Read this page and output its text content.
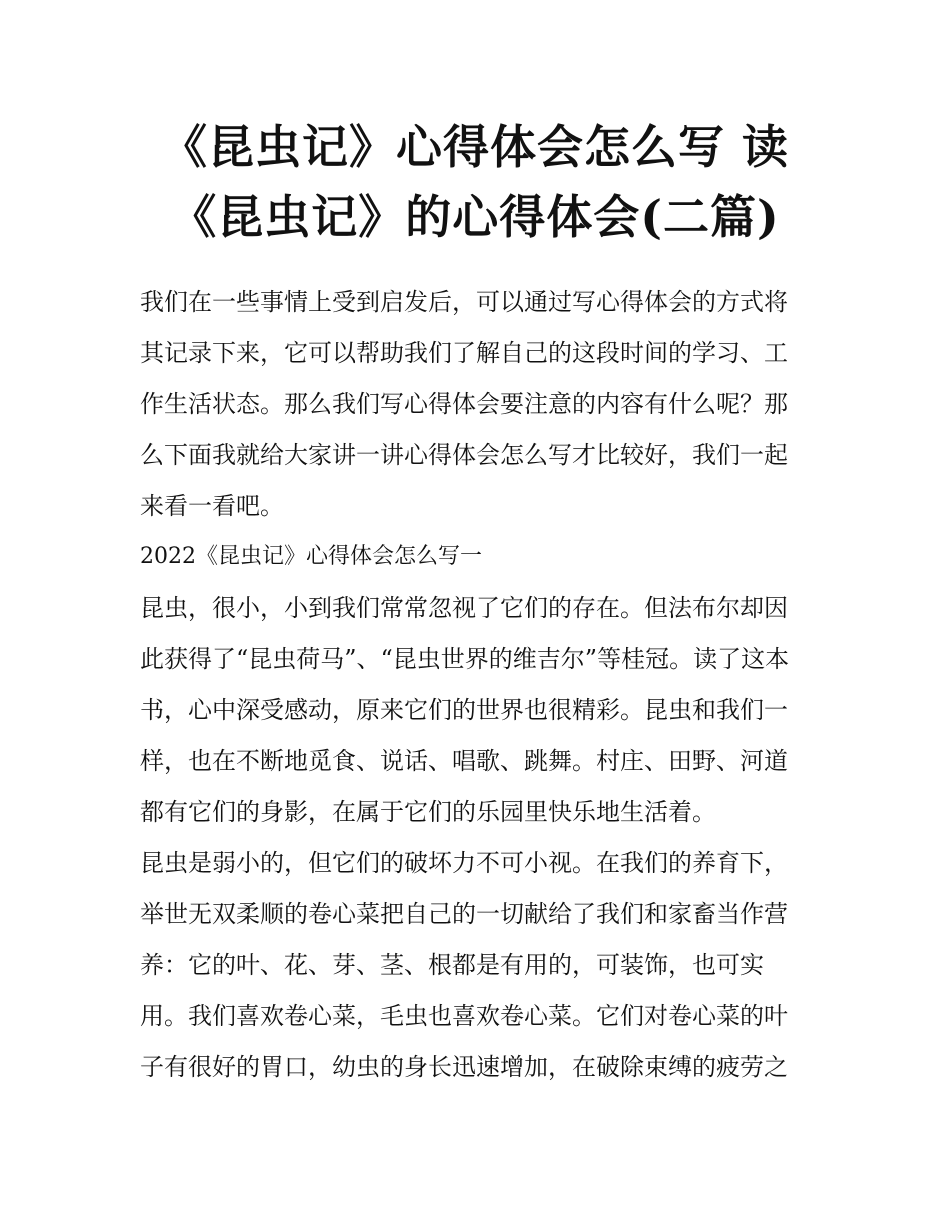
《昆虫记》心得体会怎么写 读
《昆虫记》的心得体会(二篇)
我们在一些事情上受到启发后，可以通过写心得体会的方式将
其记录下来，它可以帮助我们了解自己的这段时间的学习、工
作生活状态。那么我们写心得体会要注意的内容有什么呢？那
么下面我就给大家讲一讲心得体会怎么写才比较好，我们一起
来看一看吧。
2022《昆虫记》心得体会怎么写一
昆虫，很小，小到我们常常忽视了它们的存在。但法布尔却因
此获得了“昆虫荷马”、“昆虫世界的维吉尔”等桂冠。读了这本
书，心中深受感动，原来它们的世界也很精彩。昆虫和我们一
样，也在不断地觅食、说话、唱歌、跳舞。村庄、田野、河道
都有它们的身影，在属于它们的乐园里快乐地生活着。
昆虫是弱小的，但它们的破坏力不可小视。在我们的养育下，
举世无双柔顺的卷心菜把自己的一切献给了我们和家畜当作营
养：它的叶、花、芽、茎、根都是有用的，可装饰，也可实
用。我们喜欢卷心菜，毛虫也喜欢卷心菜。它们对卷心菜的叶
子有很好的胃口，幼虫的身长迅速增加，在破除束缚的疲劳之
